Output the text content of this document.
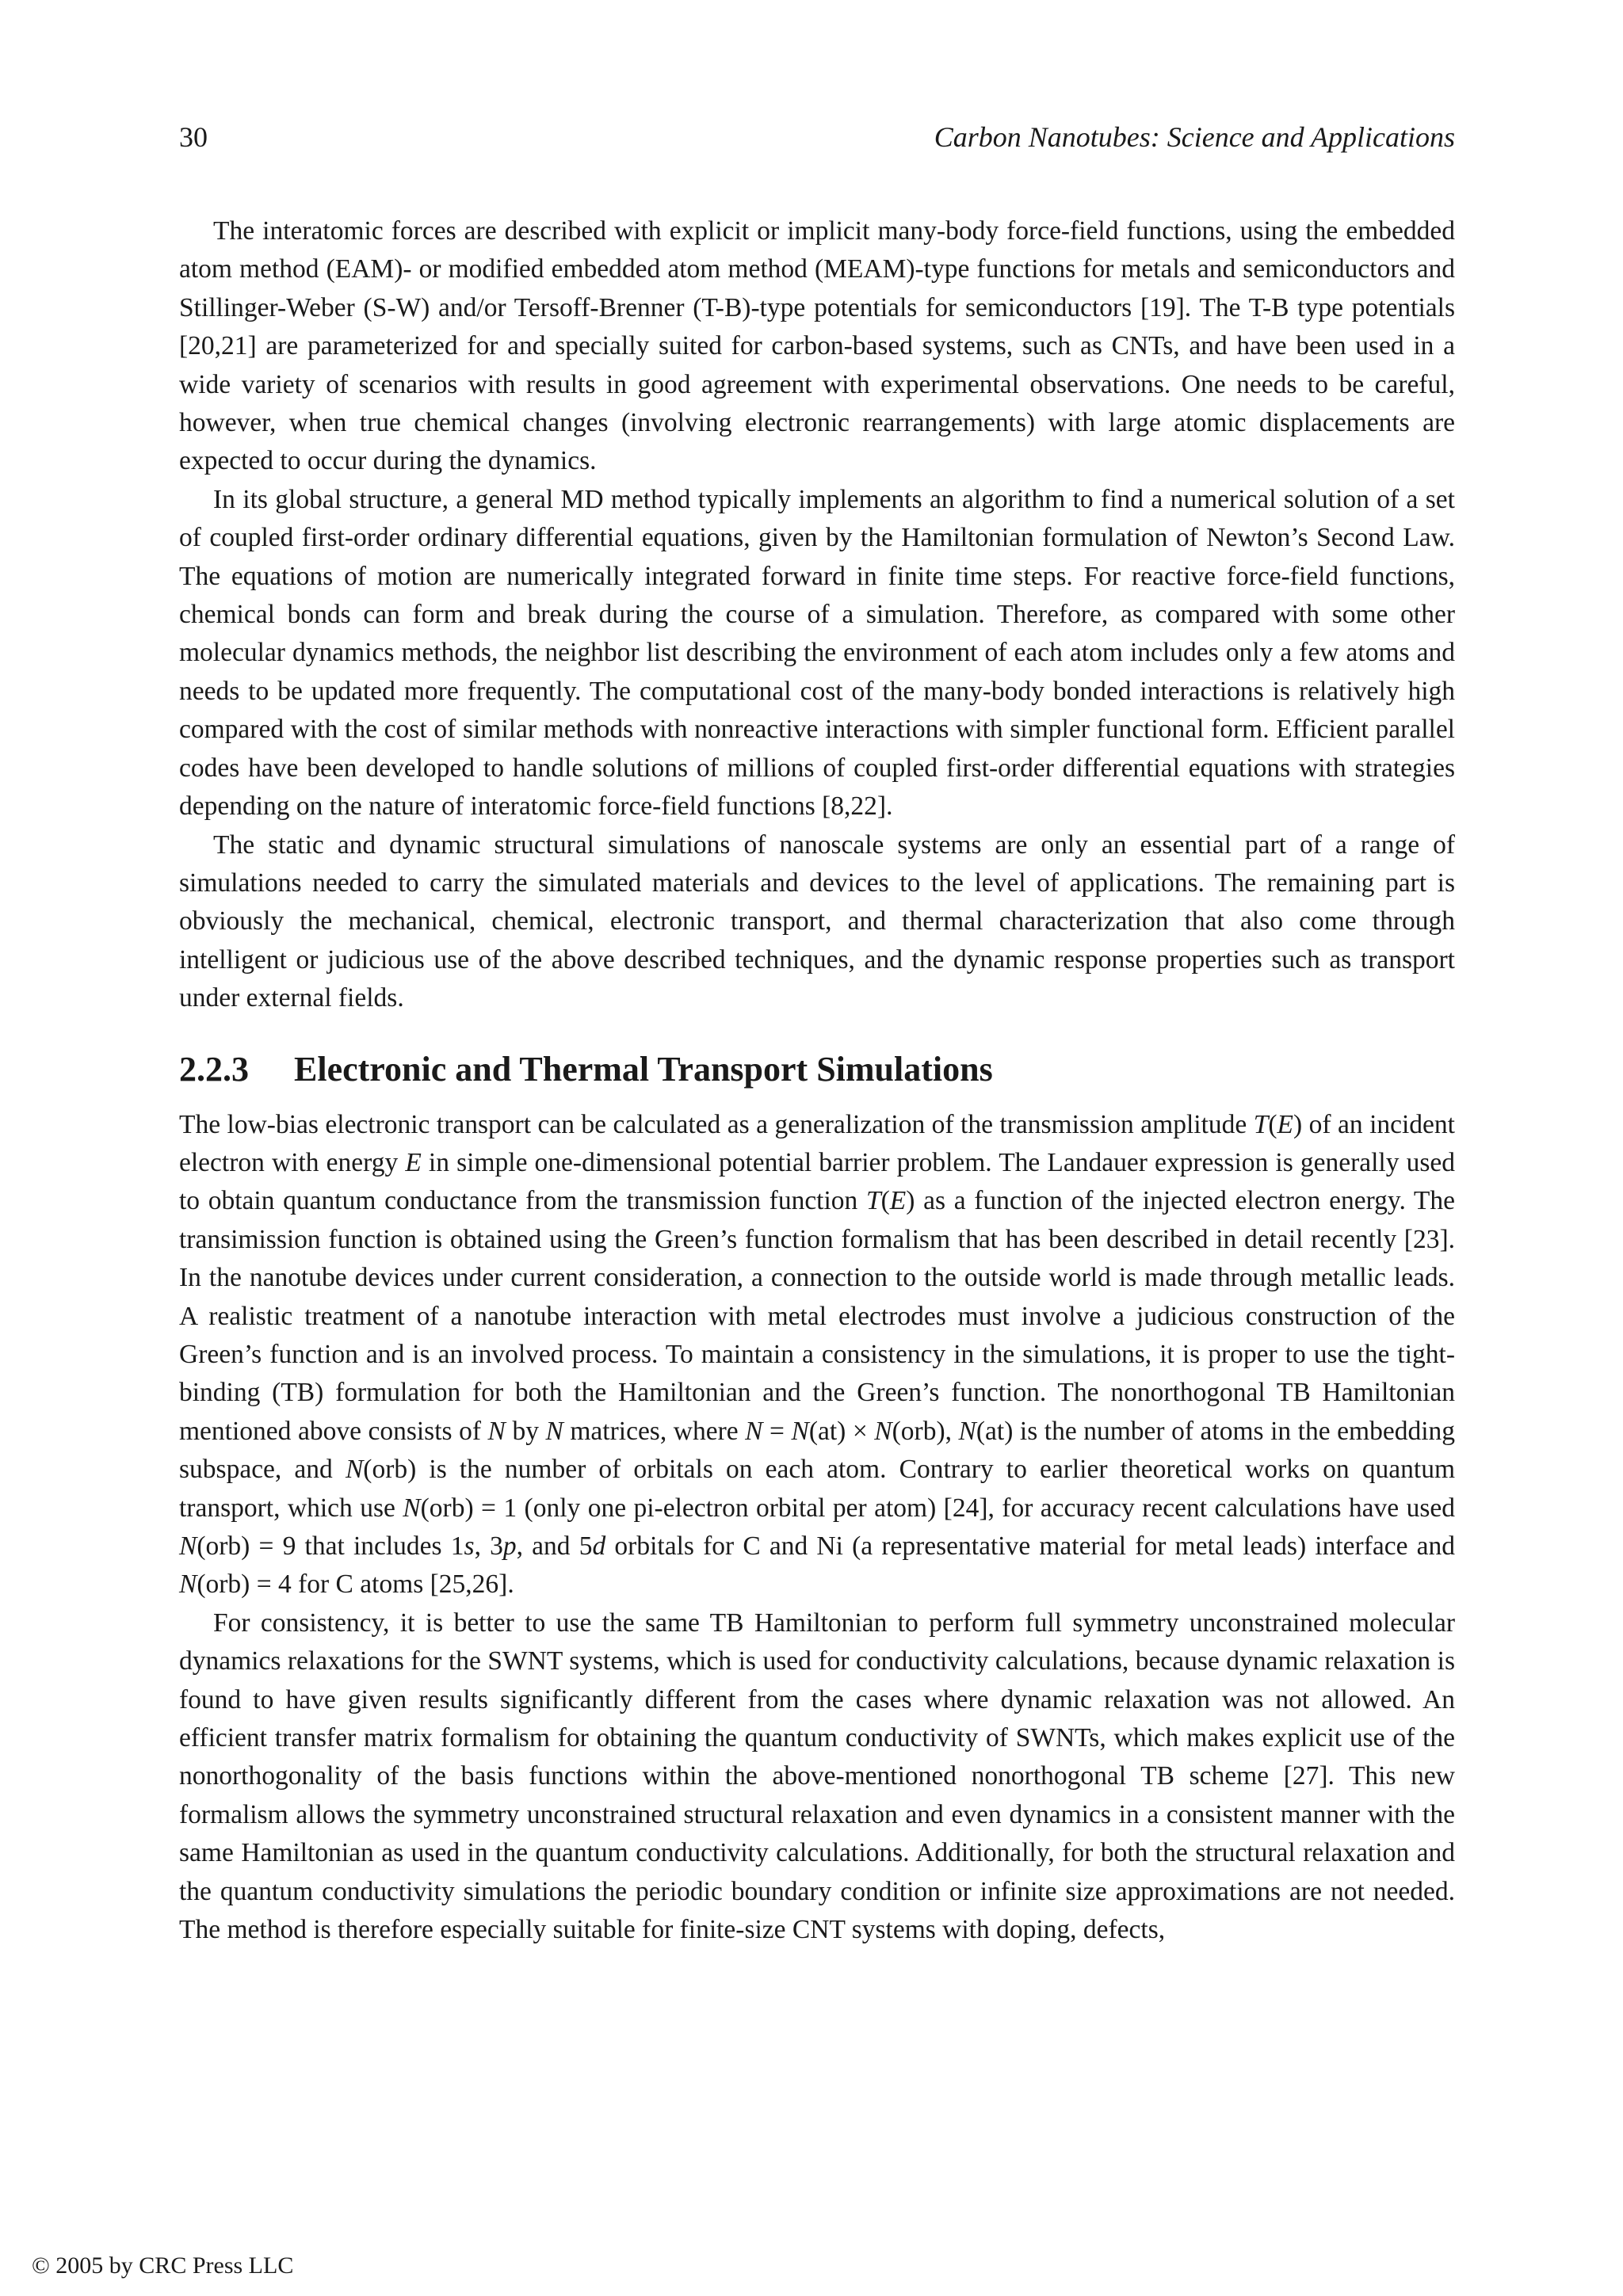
30	Carbon Nanotubes: Science and Applications

The interatomic forces are described with explicit or implicit many-body force-field functions, using the embedded atom method (EAM)- or modified embedded atom method (MEAM)-type functions for metals and semiconductors and Stillinger-Weber (S-W) and/or Tersoff-Brenner (T-B)-type potentials for semiconductors [19]. The T-B type potentials [20,21] are parameterized for and specially suited for carbon-based systems, such as CNTs, and have been used in a wide variety of scenarios with results in good agreement with experimental observations. One needs to be careful, however, when true chemical changes (involving electronic rearrangements) with large atomic displacements are expected to occur during the dynamics.

In its global structure, a general MD method typically implements an algorithm to find a numerical solution of a set of coupled first-order ordinary differential equations, given by the Hamiltonian formulation of Newton’s Second Law. The equations of motion are numerically integrated forward in finite time steps. For reactive force-field functions, chemical bonds can form and break during the course of a simulation. Therefore, as compared with some other molecular dynamics methods, the neighbor list describing the environment of each atom includes only a few atoms and needs to be updated more frequently. The computational cost of the many-body bonded interactions is relatively high compared with the cost of similar methods with nonreactive interactions with simpler functional form. Efficient parallel codes have been developed to handle solutions of millions of coupled first-order differential equations with strategies depending on the nature of interatomic force-field functions [8,22].

The static and dynamic structural simulations of nanoscale systems are only an essential part of a range of simulations needed to carry the simulated materials and devices to the level of applications. The remaining part is obviously the mechanical, chemical, electronic transport, and thermal characterization that also come through intelligent or judicious use of the above described techniques, and the dynamic response properties such as transport under external fields.

2.2.3 Electronic and Thermal Transport Simulations

The low-bias electronic transport can be calculated as a generalization of the transmission amplitude T(E) of an incident electron with energy E in simple one-dimensional potential barrier problem. The Landauer expression is generally used to obtain quantum conductance from the transmission function T(E) as a function of the injected electron energy. The transimission function is obtained using the Green’s function formalism that has been described in detail recently [23]. In the nanotube devices under current consideration, a connection to the outside world is made through metallic leads. A realistic treatment of a nanotube interaction with metal electrodes must involve a judicious construction of the Green’s function and is an involved process. To maintain a consistency in the simulations, it is proper to use the tight-binding (TB) formulation for both the Hamiltonian and the Green’s function. The nonorthogonal TB Hamiltonian mentioned above consists of N by N matrices, where N = N(at) × N(orb), N(at) is the number of atoms in the embedding subspace, and N(orb) is the number of orbitals on each atom. Contrary to earlier theoretical works on quantum transport, which use N(orb) = 1 (only one pi-electron orbital per atom) [24], for accuracy recent calculations have used N(orb) = 9 that includes 1s, 3p, and 5d orbitals for C and Ni (a representative material for metal leads) interface and N(orb) = 4 for C atoms [25,26].

For consistency, it is better to use the same TB Hamiltonian to perform full symmetry unconstrained molecular dynamics relaxations for the SWNT systems, which is used for conductivity calculations, because dynamic relaxation is found to have given results significantly different from the cases where dynamic relaxation was not allowed. An efficient transfer matrix formalism for obtaining the quantum conductivity of SWNTs, which makes explicit use of the nonorthogonality of the basis functions within the above-mentioned nonorthogonal TB scheme [27]. This new formalism allows the symmetry unconstrained structural relaxation and even dynamics in a consistent manner with the same Hamiltonian as used in the quantum conductivity calculations. Additionally, for both the structural relaxation and the quantum conductivity simulations the periodic boundary condition or infinite size approximations are not needed. The method is therefore especially suitable for finite-size CNT systems with doping, defects,

© 2005 by CRC Press LLC
